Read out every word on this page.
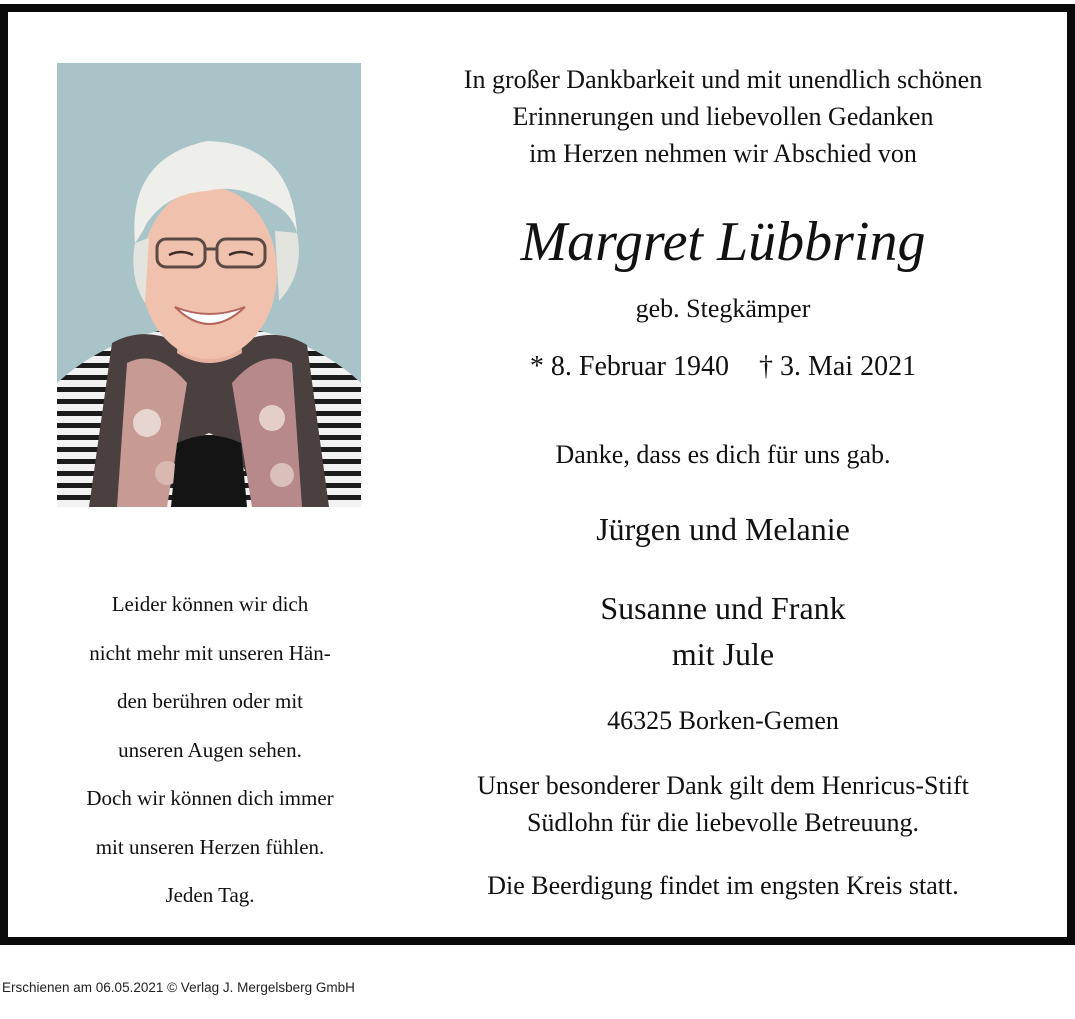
Leider können wir dich
nicht mehr mit unseren Hän-
den berühren oder mit
unseren Augen sehen.
Doch wir können dich immer
mit unseren Herzen fühlen.
Jeden Tag.
In großer Dankbarkeit und mit unendlich schönen
Erinnerungen und liebevollen Gedanken
im Herzen nehmen wir Abschied von
Margret Lübbring
geb. Stegkämper
* 8. Februar 1940 † 3. Mai 2021
Danke, dass es dich für uns gab.
Jürgen und Melanie
Susanne und Frank
mit Jule
46325 Borken-Gemen
Unser besonderer Dank gilt dem Henricus-Stift
Südlohn für die liebevolle Betreuung.
Die Beerdigung findet im engsten Kreis statt.
Erschienen am 06.05.2021 © Verlag J. Mergelsberg GmbH
